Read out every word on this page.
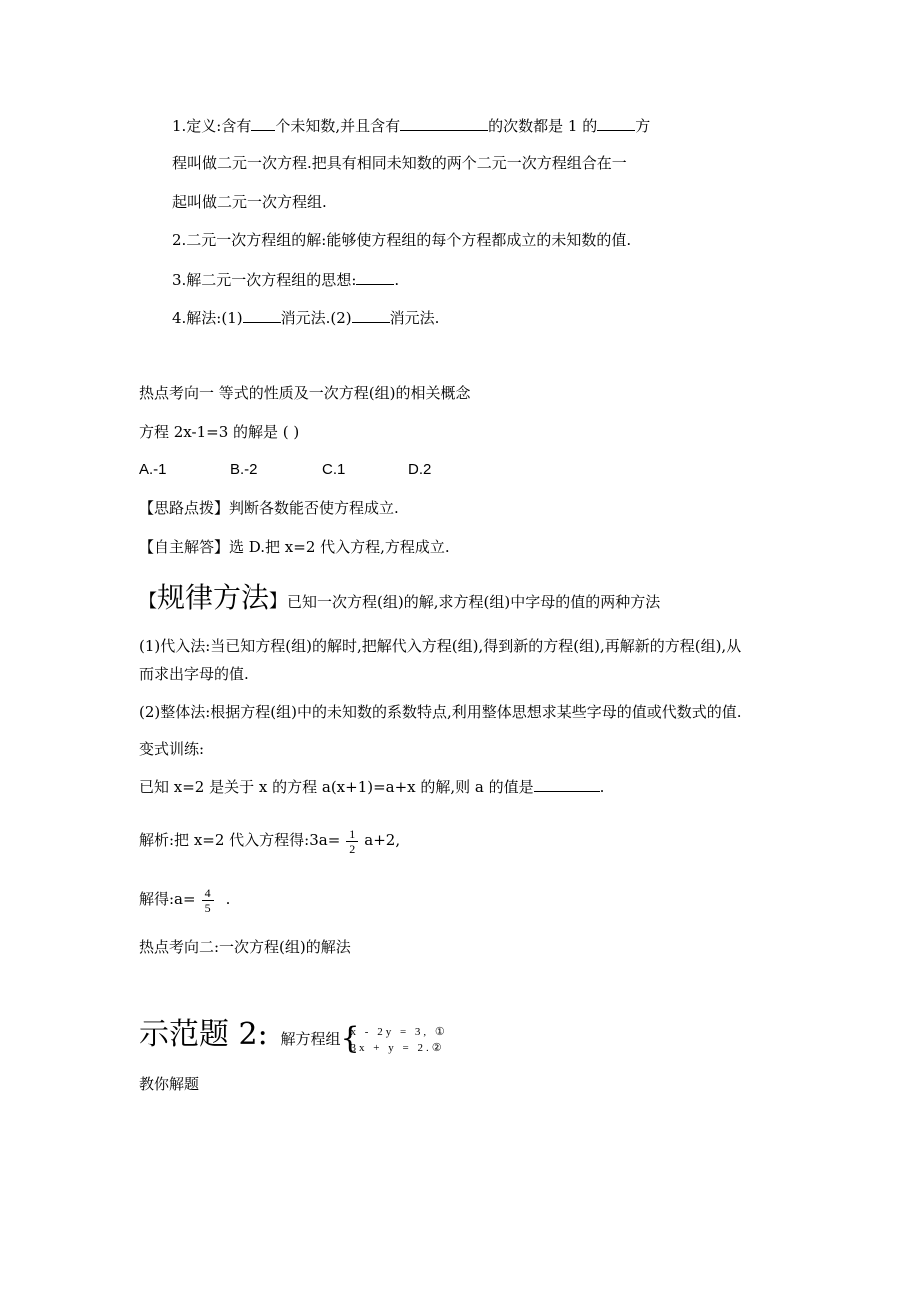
1.定义:含有 个未知数,并且含有	的次数都是 1 的	方
程叫做二元一次方程.把具有相同未知数的两个二元一次方程组合在一
起叫做二元一次方程组.
2.二元一次方程组的解:能够使方程组的每个方程都成立的未知数的值.
3.解二元一次方程组的思想:	.
4.解法:(1)	消元法.(2)	消元法.
热点考向一 等式的性质及一次方程(组)的相关概念
方程 2x-1=3 的解是 ( )
A.-1	B.-2	C.1	D.2
【思路点拨】判断各数能否使方程成立.
【自主解答】选 D.把 x=2 代入方程,方程成立.
【规律方法】已知一次方程(组)的解,求方程(组)中字母的值的两种方法
(1)代入法:当已知方程(组)的解时,把解代入方程(组),得到新的方程(组),再解新的方程(组),从
而求出字母的值.
(2)整体法:根据方程(组)中的未知数的系数特点,利用整体思想求某些字母的值或代数式的值.
变式训练:
已知 x=2 是关于 x 的方程 a(x+1)=a+x 的解,则 a 的值是	.
解析:把 x=2 代入方程得:3a= $\frac{1}{2} a+2$,
解得:a= $\frac{4}{5}$ .
热点考向二:一次方程(组)的解法
示范题 2: 解方程组 {
x - 2y = 3, ①
3x + y = 2.②
教你解题
